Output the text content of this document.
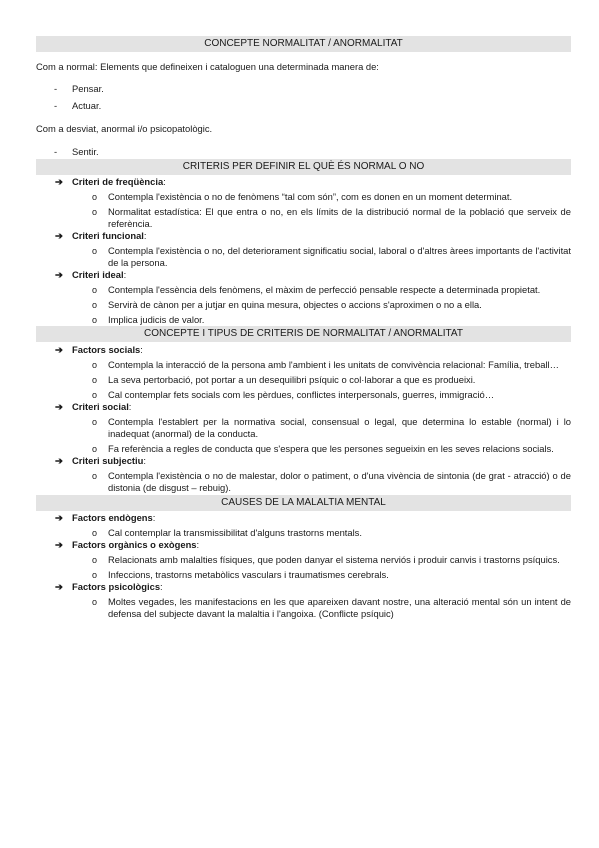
CONCEPTE NORMALITAT / ANORMALITAT

Com a normal: Elements que defineixen i cataloguen una determinada manera de:

- Pensar.

- Actuar.

Com a desviat, anormal i/o psicopatològic.

- Sentir.

CRITERIS PER DEFINIR EL QUÈ ÉS NORMAL O NO

➔ Criteri de freqüència:

o Contempla l'existència o no de fenòmens “tal com són”, com es donen en un moment determinat.

o Normalitat estadística: El que entra o no, en els límits de la distribució normal de la població que serveix de referència.

➔ Criteri funcional:

o Contempla l'existència o no, del deteriorament significatiu social, laboral o d'altres àrees importants de l'activitat de la persona.

➔ Criteri ideal:

o Contempla l'essència dels fenòmens, el màxim de perfecció pensable respecte a determinada propietat.

o Servirà de cànon per a jutjar en quina mesura, objectes o accions s'aproximen o no a ella.

o Implica judicis de valor.

CONCEPTE I TIPUS DE CRITERIS DE NORMALITAT / ANORMALITAT

➔ Factors socials:

o Contempla la interacció de la persona amb l'ambient i les unitats de convivència relacional: Família, treball…

o La seva pertorbació, pot portar a un desequilibri psíquic o col·laborar a que es produeixi.

o Cal contemplar fets socials com les pèrdues, conflictes interpersonals, guerres, immigració…

➔ Criteri social:

o Contempla l'establert per la normativa social, consensual o legal, que determina lo estable (normal) i lo inadequat (anormal) de la conducta.

o Fa referència a regles de conducta que s'espera que les persones segueixin en les seves relacions socials.

➔ Criteri subjectiu:

o Contempla l'existència o no de malestar, dolor o patiment, o d'una vivència de sintonia (de grat - atracció) o de distonia (de disgust – rebuig).

CAUSES DE LA MALALTIA MENTAL

➔ Factors endògens:

o Cal contemplar la transmissibilitat d'alguns trastorns mentals.

➔ Factors orgànics o exògens:

o Relacionats amb malalties físiques, que poden danyar el sistema nerviós i produir canvis i trastorns psíquics.

o Infeccions, trastorns metabòlics vasculars i traumatismes cerebrals.

➔ Factors psicològics:

o Moltes vegades, les manifestacions en les que apareixen davant nostre, una alteració mental són un intent de defensa del subjecte davant la malaltia i l'angoixa. (Conflicte psíquic)
